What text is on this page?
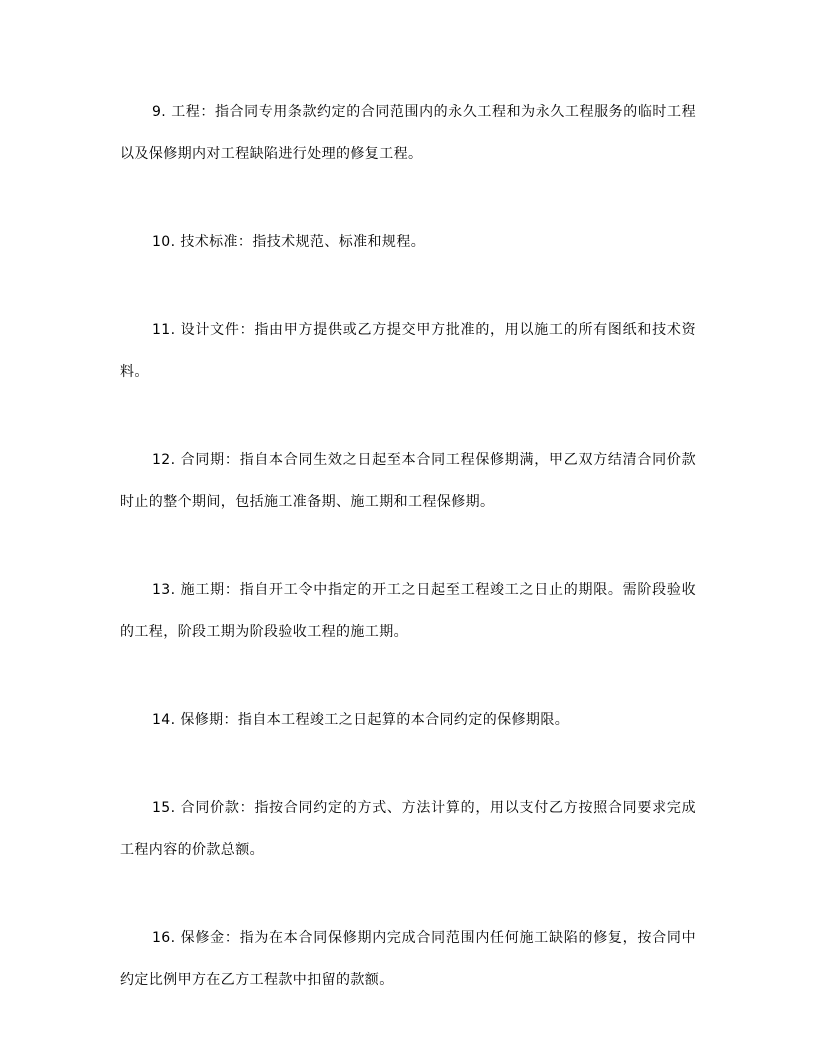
9. 工程：指合同专用条款约定的合同范围内的永久工程和为永久工程服务的临时工程以及保修期内对工程缺陷进行处理的修复工程。

10. 技术标准：指技术规范、标准和规程。

11. 设计文件：指由甲方提供或乙方提交甲方批准的，用以施工的所有图纸和技术资料。

12. 合同期：指自本合同生效之日起至本合同工程保修期满，甲乙双方结清合同价款时止的整个期间，包括施工准备期、施工期和工程保修期。

13. 施工期：指自开工令中指定的开工之日起至工程竣工之日止的期限。需阶段验收的工程，阶段工期为阶段验收工程的施工期。

14. 保修期：指自本工程竣工之日起算的本合同约定的保修期限。

15. 合同价款：指按合同约定的方式、方法计算的，用以支付乙方按照合同要求完成工程内容的价款总额。

16. 保修金：指为在本合同保修期内完成合同范围内任何施工缺陷的修复，按合同中约定比例甲方在乙方工程款中扣留的款额。
